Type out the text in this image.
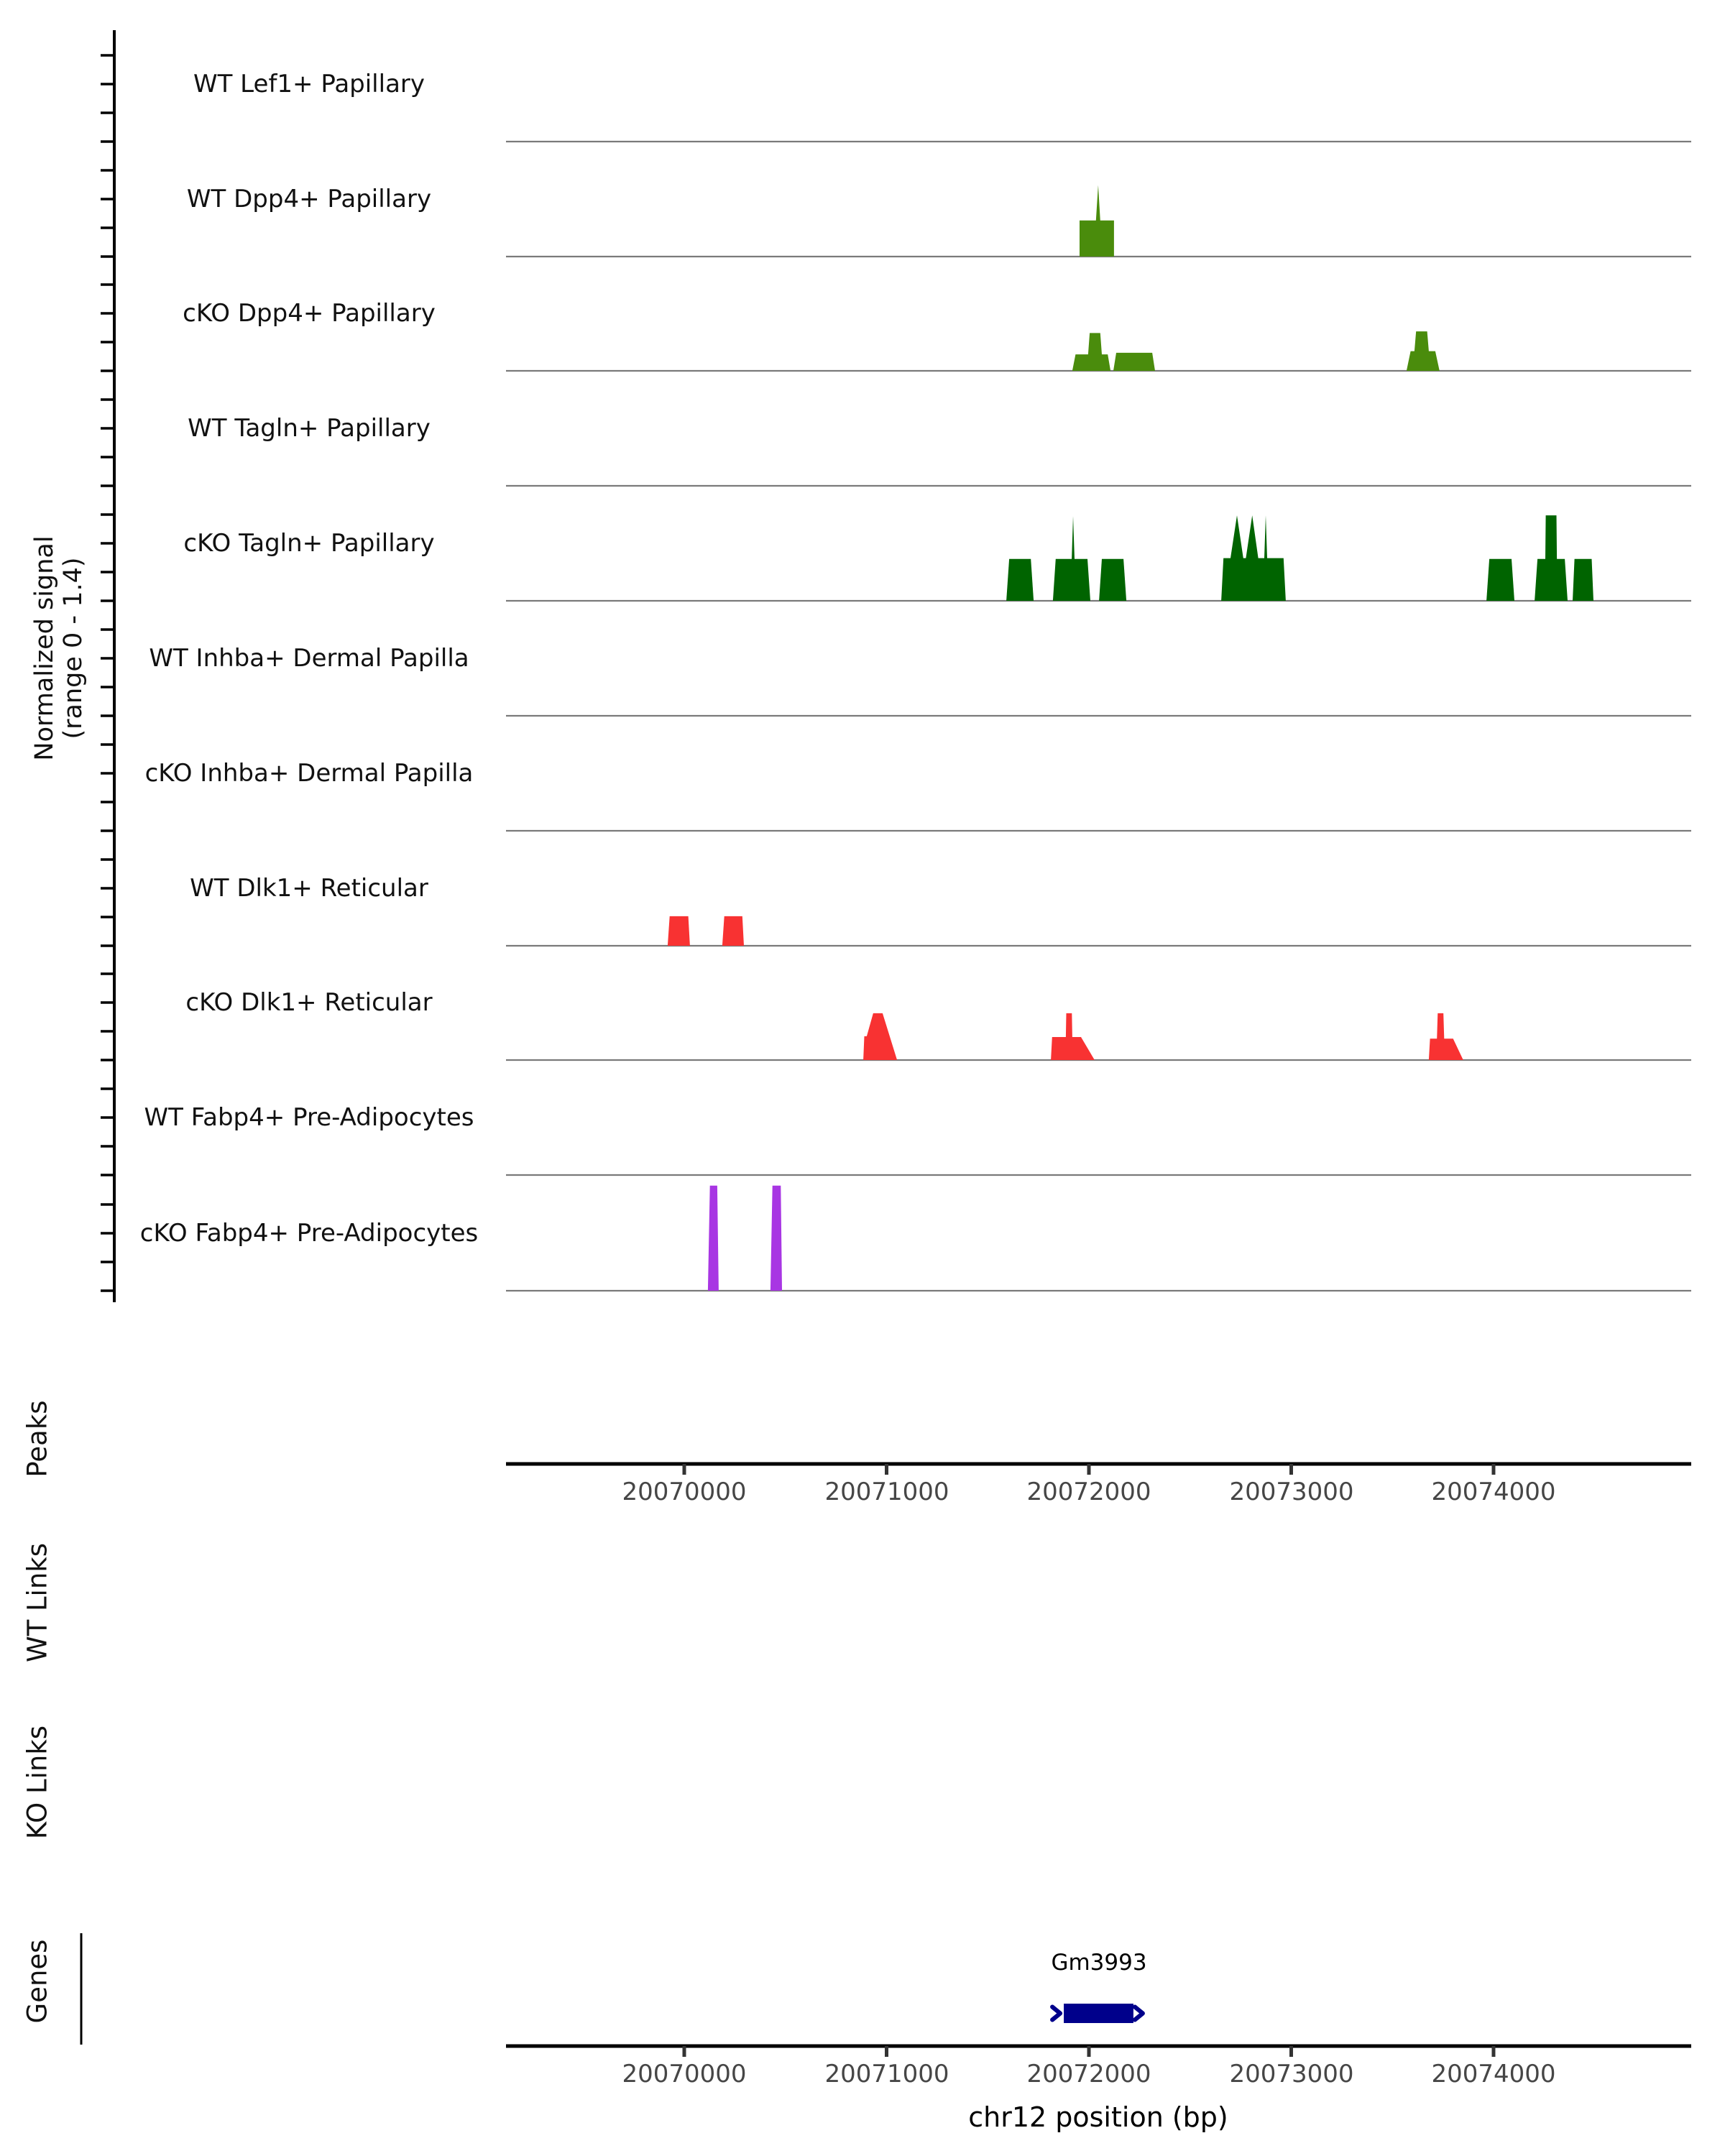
Normalized signal
(range 0 - 1.4)
WT Lef1+ Papillary
WT Dpp4+ Papillary
cKO Dpp4+ Papillary
WT Tagln+ Papillary
cKO Tagln+ Papillary
WT Inhba+ Dermal Papilla
cKO Inhba+ Dermal Papilla
WT Dlk1+ Reticular
cKO Dlk1+ Reticular
WT Fabp4+ Pre-Adipocytes
cKO Fabp4+ Pre-Adipocytes
Peaks
WT Links
KO Links
Genes
20070000	20071000	20072000	20073000	20074000
20070000	20071000	20072000	20073000	20074000
Gm3993
chr12 position (bp)
